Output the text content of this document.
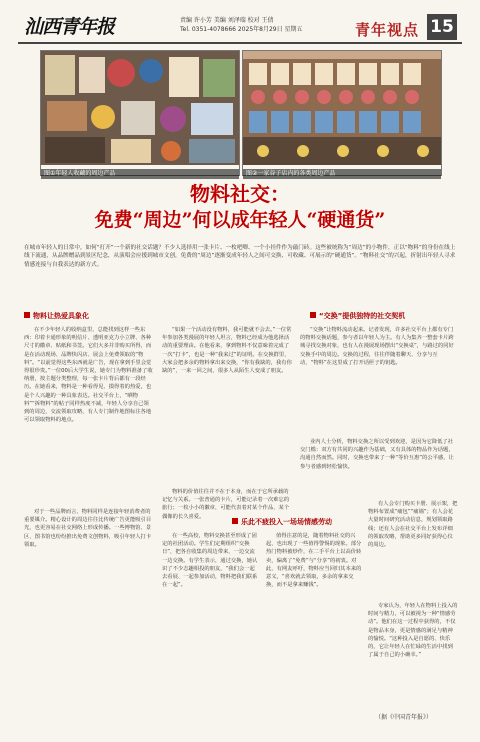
汕西青年报	责编 许小芳 美编 刘泽瑞 校对 王倩
Tel. 0351-4078666 2025年8月29日 星期五	青年视点 15
图①年轻人收藏的周边产品	图②一家谷子店内的各类周边产品
物料社交：
免费“周边”何以成年轻人“硬通货”
在城市年轻人的日常中，如何“打开”一个新的社交话题？不少人选择用一张卡片、一枚吧唧、一个小挂件作为敲门砖。这些被统称为“周边”的小物件，正以“物料”的身份在线上线下流通，从品牌赠品到景区纪念，从演唱会应援到城市文创，免费的“周边”逐渐变成年轻人之间可交换、可收藏、可展示的“硬通货”。“物料社交”的兴起，折射出年轻人寻求情感连接与自我表达的新方式。
物料让热爱具象化
在不少年轻人的收纳盒里，总能找到这样一些东西：印着卡通形象的明信片、透明亚克力小立牌、各种尺寸的徽章、贴纸和书签。它们大多并非购买所得，而是在活动现场、品牌快闪店、展会上免费领取的“物料”。“以前觉得这些东西就是广告，现在拿到手里会觉得很珍贵。”一位00后大学生说，她专门为物料准备了收纳册，按主题分类整理，每一张卡片背后都有一段经历。在她看来，物料是一种看得见、摸得着的热爱，也是个人兴趣的一种具象表达。社交平台上，“晒物料”“拆物料”的帖子同样热度不减，年轻人分享自己领到的周边，交流领取攻略，有人专门制作地图标注各地可以领取物料的地点。
对于一些品牌而言，物料同样是连接年轻消费者的重要媒介。精心设计的周边往往比传统广告更能吸引目光，也更容易在社交网络上形成传播。一些博物馆、景区、图书馆也纷纷推出免费文创物料，吸引年轻人打卡领取。
“如果一个活动没有物料，我可能就不会去。”一位常年参加各类漫展的年轻人坦言，物料已经成为他选择活动的重要理由。在他看来，拿到物料不仅意味着完成了一次“打卡”，也是一种“我来过”的证明。在交换群里，大家会把多余的物料拿出来交换，“你有我缺的，我有你缺的”，一来一回之间，很多人从陌生人变成了朋友。
“交换”提供独特的社交契机
“交换”让物料流动起来。记者发现，许多社交平台上都有专门的物料交换话题，参与者以年轻人为主。有人为集齐一整套卡片跨城寻找交换对象，也有人在漫展现场摆出“交换桌”，与路过的同好交换手中的周边。交换的过程，往往伴随着聊天、分享与互动，“物料”在这里成了打开话匣子的钥匙。
业内人士分析，物料交换之所以受到欢迎，是因为它降低了社交门槛：双方有共同的兴趣作为基础，又有具体的物品作为话题，沟通自然而然。同时，交换也带来了一种“等价互惠”的公平感，让参与者感到轻松愉快。
乐此不疲投入一场场情感劳动
物料的价值往往并不在于本身，而在于它所承载的记忆与关系。一张普通的卡片，可能记录着一次难忘的旅行；一枚小小的徽章，可能代表着对某个作品、某个偶像的长久喜爱。
在一些高校，物料交换甚至形成了固定的社团活动。学生们定期组织“交换日”，把各自收集的周边带来，一边交流一边交换。有学生表示，通过交换，她认识了不少志趣相投的朋友，“我们会一起去看展、一起参加活动，物料把我们联系在一起”。
值得注意的是，随着物料社交的兴起，也出现了一些值得警惕的现象。部分热门物料被炒作，在二手平台上以高价转卖，偏离了“免费”与“分享”的初衷。对此，有网友呼吁，物料应当回归其本来的意义，“喜欢就去领取，多余的拿来交换，而不是拿来赚钱”。
有人会专门购买卡册、展示架，把物料布置成“痛包”“痛墙”；有人会花大量时间研究活动信息，规划领取路线；还有人会在社交平台上发布详细的领取攻略，帮助更多同好获得心仪的周边。
专家认为，年轻人在物料上投入的时间与精力，可以被视为一种“情感劳动”。他们在这一过程中获得的，不仅是物品本身，更是情感的满足与精神的愉悦。“这种投入是自愿的、快乐的，它让年轻人在忙碌的生活中找到了属于自己的小确幸。”
（据《中国青年报》）
